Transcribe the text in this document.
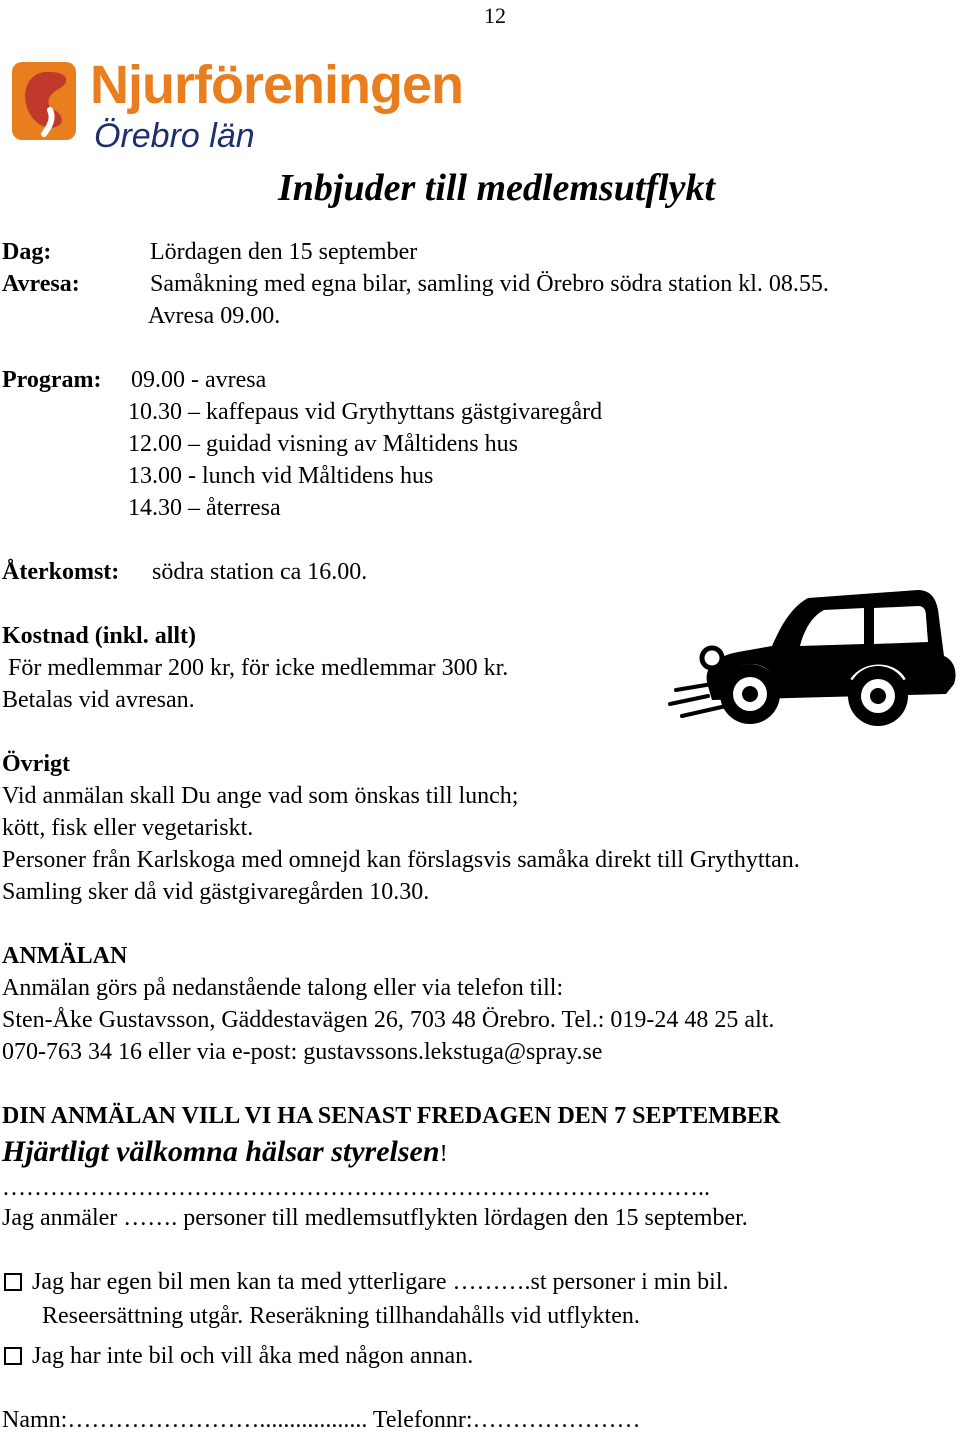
12
Njurföreningen
Örebro län
Inbjuder till medlemsutflykt
Dag:	Lördagen den 15 september
Avresa:	Samåkning med egna bilar, samling vid Örebro södra station kl. 08.55.
Avresa 09.00.
Program: 09.00 - avresa
10.30 – kaffepaus vid Grythyttans gästgivaregård
12.00 – guidad visning av Måltidens hus
13.00 - lunch vid Måltidens hus
14.30 – återresa
Återkomst: södra station ca 16.00.
Kostnad (inkl. allt)
För medlemmar 200 kr, för icke medlemmar 300 kr.
Betalas vid avresan.
Övrigt
Vid anmälan skall Du ange vad som önskas till lunch;
kött, fisk eller vegetariskt.
Personer från Karlskoga med omnejd kan förslagsvis samåka direkt till Grythyttan.
Samling sker då vid gästgivaregården 10.30.
ANMÄLAN
Anmälan görs på nedanstående talong eller via telefon till:
Sten-Åke Gustavsson, Gäddestavägen 26, 703 48 Örebro. Tel.: 019-24 48 25 alt.
070-763 34 16 eller via e-post: gustavssons.lekstuga@spray.se
DIN ANMÄLAN VILL VI HA SENAST FREDAGEN DEN 7 SEPTEMBER
Hjärtligt välkomna hälsar styrelsen!
……………………………………………………………………………..
Jag anmäler ……. personer till medlemsutflykten lördagen den 15 september.
Jag har egen bil men kan ta med ytterligare ……….st personer i min bil.
Reseersättning utgår. Reseräkning tillhandahålls vid utflykten.
Jag har inte bil och vill åka med någon annan.
Namn:…………………….................. Telefonnr:…………………
